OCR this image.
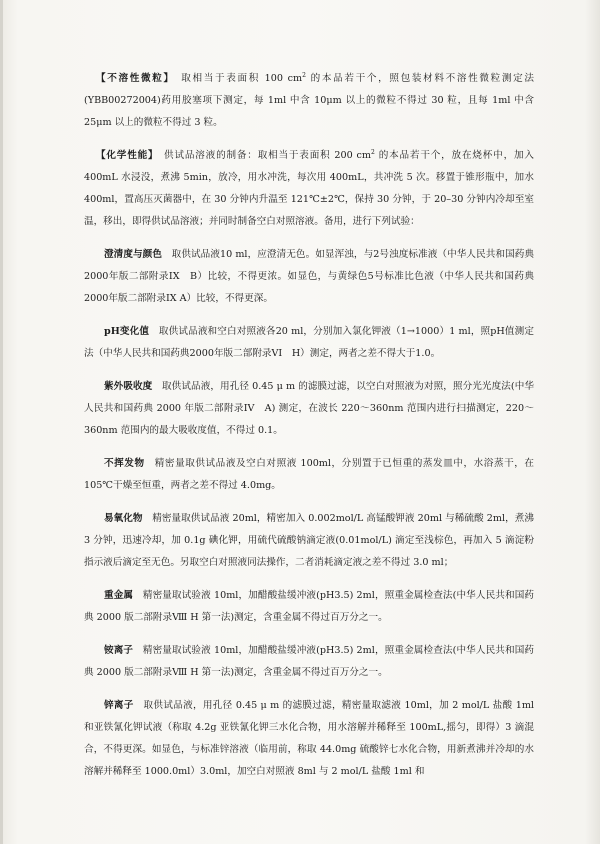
【不溶性微粒】　 取相当于表面积 100 $cm^2$ 的本品若干个，照包装材料不溶性微粒测定法(YBB00272004)药用胶塞项下测定，每 1ml 中含 10μm 以上的微粒不得过 30 粒，且每 1ml 中含 25μm 以上的微粒不得过 3 粒。

【化学性能】　 供试品溶液的制备：取相当于表面积 200 $cm^2$ 的本品若干个，放在烧杯中，加入 400mL 水浸没，煮沸 5min，放冷，用水冲洗，每次用 400mL，共冲洗 5 次。移置于锥形瓶中，加水 400ml，置高压灭菌器中，在 30 分钟内升温至 121℃±2℃，保持 30 分钟，于 20–30 分钟内冷却至室温，移出，即得供试品溶液；并同时制备空白对照溶液。备用，进行下列试验：

澄清度与颜色　 取供试品液10 ml，应澄清无色。如显浑浊，与2号浊度标准液（中华人民共和国药典2000年版二部附录IX　B）比较，不得更浓。如显色，与黄绿色5号标准比色液（中华人民共和国药典2000年版二部附录IX A）比较，不得更深。

pH变化值　 取供试品液和空白对照液各20 ml，分别加入氯化钾液（1→1000）1 ml，照pH值测定法（中华人民共和国药典2000年版二部附录VI　H）测定，两者之差不得大于1.0。

紫外吸收度　 取供试品液，用孔径 0.45 μ m 的滤膜过滤，以空白对照液为对照，照分光光度法(中华人民共和国药典 2000 年版二部附录IV　A) 测定，在波长 220～360nm 范围内进行扫描测定，220～360nm 范围内的最大吸收度值，不得过 0.1。

不挥发物　 精密量取供试品液及空白对照液 100ml，分别置于已恒重的蒸发皿中，水浴蒸干，在 105℃干燥至恒重，两者之差不得过 4.0mg。

易氧化物　 精密量取供试品液 20ml，精密加入 0.002mol/L 高锰酸钾液 20ml 与稀硫酸 2ml，煮沸 3 分钟，迅速冷却，加 0.1g 碘化钾，用硫代硫酸钠滴定液(0.01mol/L) 滴定至浅棕色，再加入 5 滴淀粉指示液后滴定至无色。另取空白对照液同法操作，二者消耗滴定液之差不得过 3.0 ml；

重金属　 精密量取试验液 10ml，加醋酸盐缓冲液(pH3.5) 2ml，照重金属检查法(中华人民共和国药典 2000 版二部附录Ⅷ H 第一法)测定，含重金属不得过百万分之一。

铵离子　 精密量取试验液 10ml，加醋酸盐缓冲液(pH3.5) 2ml，照重金属检查法(中华人民共和国药典 2000 版二部附录Ⅷ H 第一法)测定，含重金属不得过百万分之一。

锌离子　 取供试品液，用孔径 0.45 μ m 的滤膜过滤，精密量取滤液 10ml，加 2 mol/L 盐酸 1ml 和亚铁氰化钾试液（称取 4.2g 亚铁氰化钾三水化合物，用水溶解并稀释至 100mL,摇匀，即得）3 滴混合，不得更深。如显色，与标准锌溶液（临用前，称取 44.0mg 硫酸锌七水化合物，用新煮沸并冷却的水溶解并稀释至 1000.0ml）3.0ml，加空白对照液 8ml 与 2 mol/L 盐酸 1ml 和
